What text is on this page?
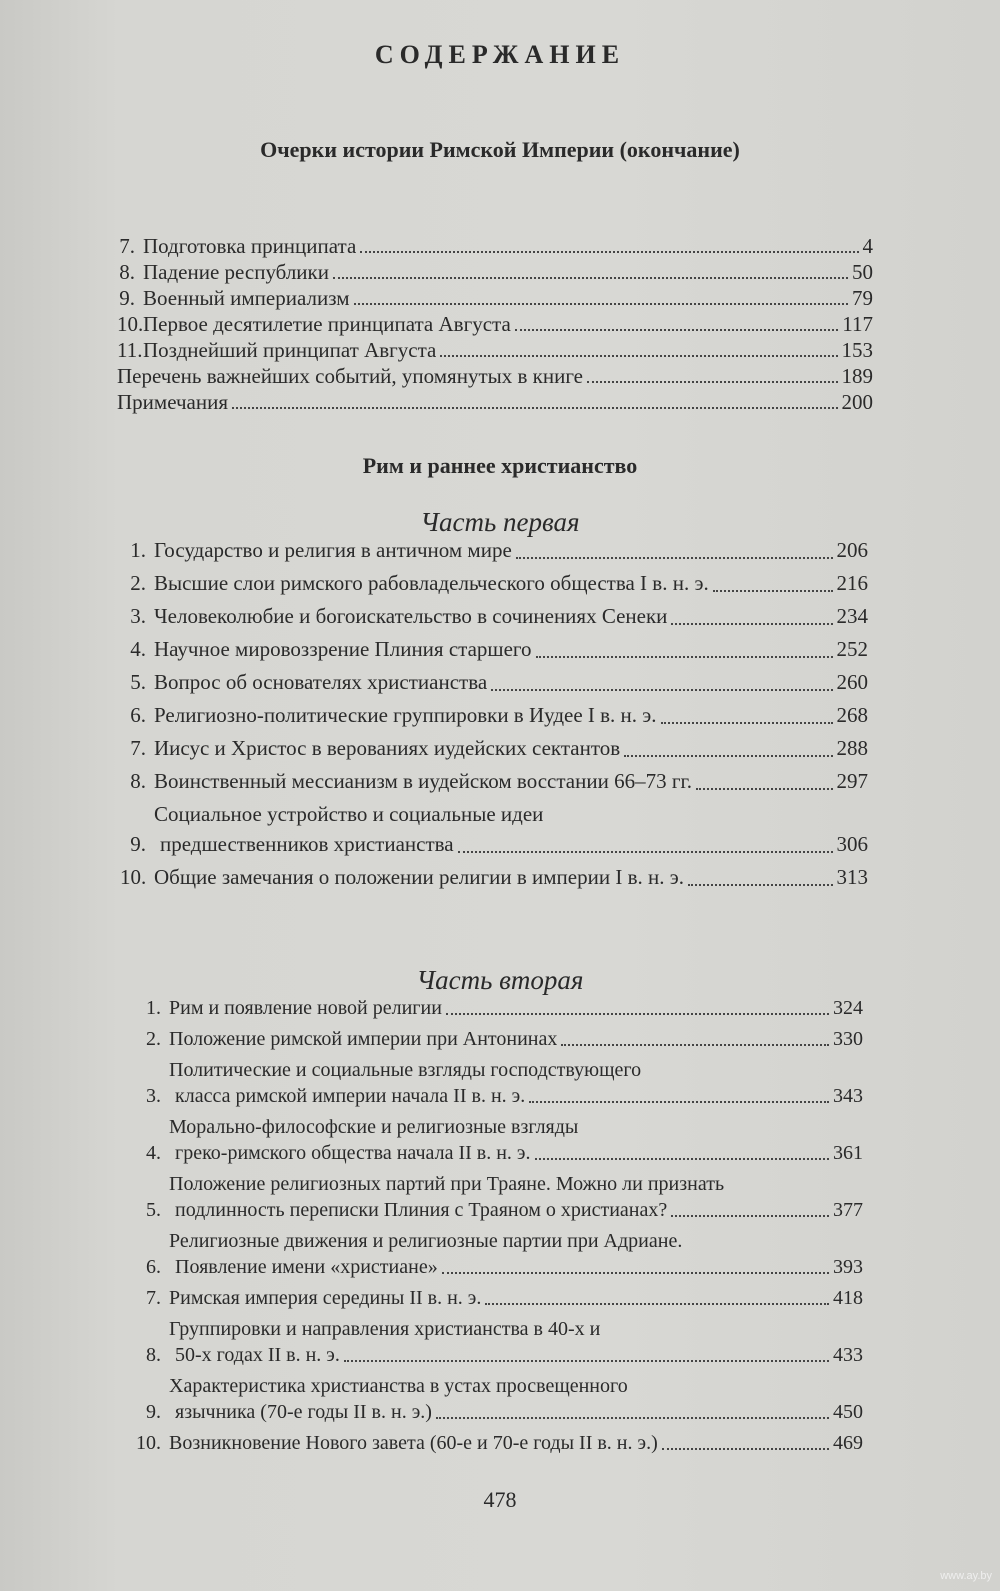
СОДЕРЖАНИЕ
Очерки истории Римской Империи (окончание)
7. Подготовка принципата	4
8. Падение республики	50
9. Военный империализм	79
10. Первое десятилетие принципата Августа	117
11. Позднейший принципат Августа	153
Перечень важнейших событий, упомянутых в книге	189
Примечания	200
Рим и раннее христианство
Часть первая
1. Государство и религия в античном мире	206
2. Высшие слои римского рабовладельческого общества I в. н. э.	216
3. Человеколюбие и богоискательство в сочинениях Сенеки	234
4. Научное мировоззрение Плиния старшего	252
5. Вопрос об основателях христианства	260
6. Религиозно-политические группировки в Иудее I в. н. э.	268
7. Иисус и Христос в верованиях иудейских сектантов	288
8. Воинственный мессианизм в иудейском восстании 66–73 гг.	297
9.
Социальное устройство и социальные идеи
предшественников христианства	306
10. Общие замечания о положении религии в империи I в. н. э.	313
Часть вторая
1. Рим и появление новой религии	324
2. Положение римской империи при Антонинах	330
3.
Политические и социальные взгляды господствующего
класса римской империи начала II в. н. э.	343
4.
Морально-философские и религиозные взгляды
греко-римского общества начала II в. н. э.	361
5.
Положение религиозных партий при Траяне. Можно ли признать
подлинность переписки Плиния с Траяном о христианах?	377
6.
Религиозные движения и религиозные партии при Адриане.
Появление имени «христиане»	393
7. Римская империя середины II в. н. э.	418
8.
Группировки и направления христианства в 40-х и
50-х годах II в. н. э.	433
9.
Характеристика христианства в устах просвещенного
язычника (70-е годы II в. н. э.)	450
10. Возникновение Нового завета (60-е и 70-е годы II в. н. э.)	469
478
www.ay.by
